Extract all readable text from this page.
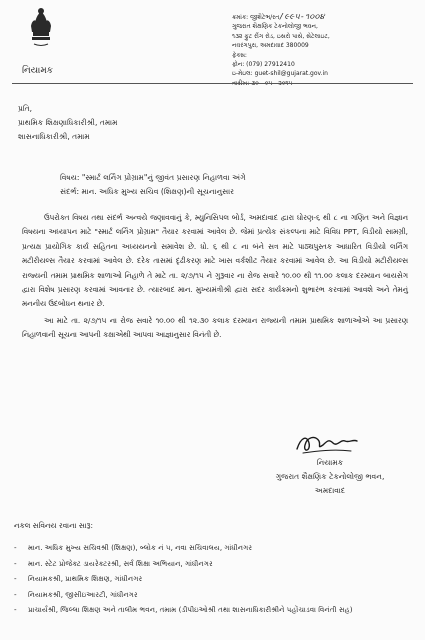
નિયામક
ક્રમાંક: જીશૈટેભ/રત/૯૯૫-૧૦૦૪
ગુજરાત શૈક્ષણિક ટેકનોલોજી ભવન,
૧૩૨ ફુટ રીંગ રોડ, ઇસરો પાસે, સેટેલાઇટ,
નવરંગપુરા, અમદાવાદ 380009
ફેક્સ:
ફોન: (079) 27912410
ઇ-મેઇલ: guet-shil@gujarat.gov.in
તારીખ: ૩૦ - ૦૫ - ૨૦૧૫
પ્રતિ,
પ્રાથમિક શિક્ષણાધિકારીશ્રી, તમામ
શાસનાધિકારીશ્રી, તમામ
વિષય: "સ્માર્ટ લર્નિંગ પ્રોગ્રામ"નું જીવંત પ્રસારણ નિહાળવા અંગે
સંદર્ભ: માન. અધિક મુખ્ય સચિવ (શિક્ષણ)ની સૂચનાનુસાર

ઉપરોક્ત વિષય તથા સંદર્ભ અન્વયે જણાવવાનું કે, મ્યુનિસિપલ બોર્ડ, અમદાવાદ દ્વારા ધોરણ-૬ થી ૮ ના ગણિત અને વિજ્ઞાન વિષયના અધ્યાપન માટે "સ્માર્ટ લર્નિંગ પ્રોગ્રામ" તૈયાર કરવામાં આવેલ છે. જેમાં પ્રત્યેક સંકલ્પના માટે વિવિધ PPT, વિડીયો સામગ્રી, પ્રત્યક્ષ પ્રાયોગિક કાર્ય સહિતના અધ્યયનનો સમાવેશ છે. ધો. ૬ થી ૮ ના બંને સત્ર માટે પાઠ્યપુસ્તક આધારિત વિડીયો લર્નિંગ મટીરીયલ્સ તૈયાર કરવામાં આવેલ છે. દરેક તાસમાં દૃઢીકરણ માટે ખાસ વર્કશીટ તૈયાર કરવામાં આવેલ છે. આ વિડીયો મટીરીયલ્સ રાજ્યની તમામ પ્રાથમિક શાળાઓ નિહાળે તે માટે તા. ૨/૭/૧૫ ને ગુરૂવાર ના રોજ સવારે ૧૦.૦૦ થી ૧૧.૦૦ કલાક દરમ્યાન બાયસેગ દ્વારા વિશેષ પ્રસારણ કરવામાં આવનાર છે. ત્યારબાદ માન. મુખ્યમંત્રીશ્રી દ્વારા સદર કાર્યક્રમનો શુભારંભ કરવામાં આવશે અને તેમનું મનનીય ઉદબોધન થનાર છે.

આ માટે તા. ૨/૭/૧૫ ના રોજ સવારે ૧૦.૦૦ થી ૧૨.૩૦ કલાક દરમ્યાન રાજ્યની તમામ પ્રાથમિક શાળાઓએ આ પ્રસારણ નિહાળવાની સૂચના આપની કક્ષાએથી આપવા આજ્ઞાનુસાર વિનંતી છે.

નિયામક
ગુજરાત શૈક્ષણિક ટેકનોલોજી ભવન,
અમદાવાદ
નકલ સવિનય રવાના સારૂ:
-	માન. અધિક મુખ્ય સચિવશ્રી (શિક્ષણ), બ્લોક નં ૫, નવા સચિવાલય, ગાંધીનગર
-	માન. સ્ટેટ પ્રોજેક્ટ ડાયરેક્ટરશ્રી, સર્વ શિક્ષા અભિયાન, ગાંધીનગર
-	નિયામકશ્રી, પ્રાથમિક શિક્ષણ, ગાંધીનગર
-	નિયામકશ્રી, જીસીઇઆરટી, ગાંધીનગર
-	પ્રાચાર્યશ્રી, જિલ્લા શિક્ષણ અને તાલીમ ભવન, તમામ (ડીપીઇઓશ્રી તથા શાસનાધિકારીશ્રીને પહોંચાડવા વિનંતી સહ)
